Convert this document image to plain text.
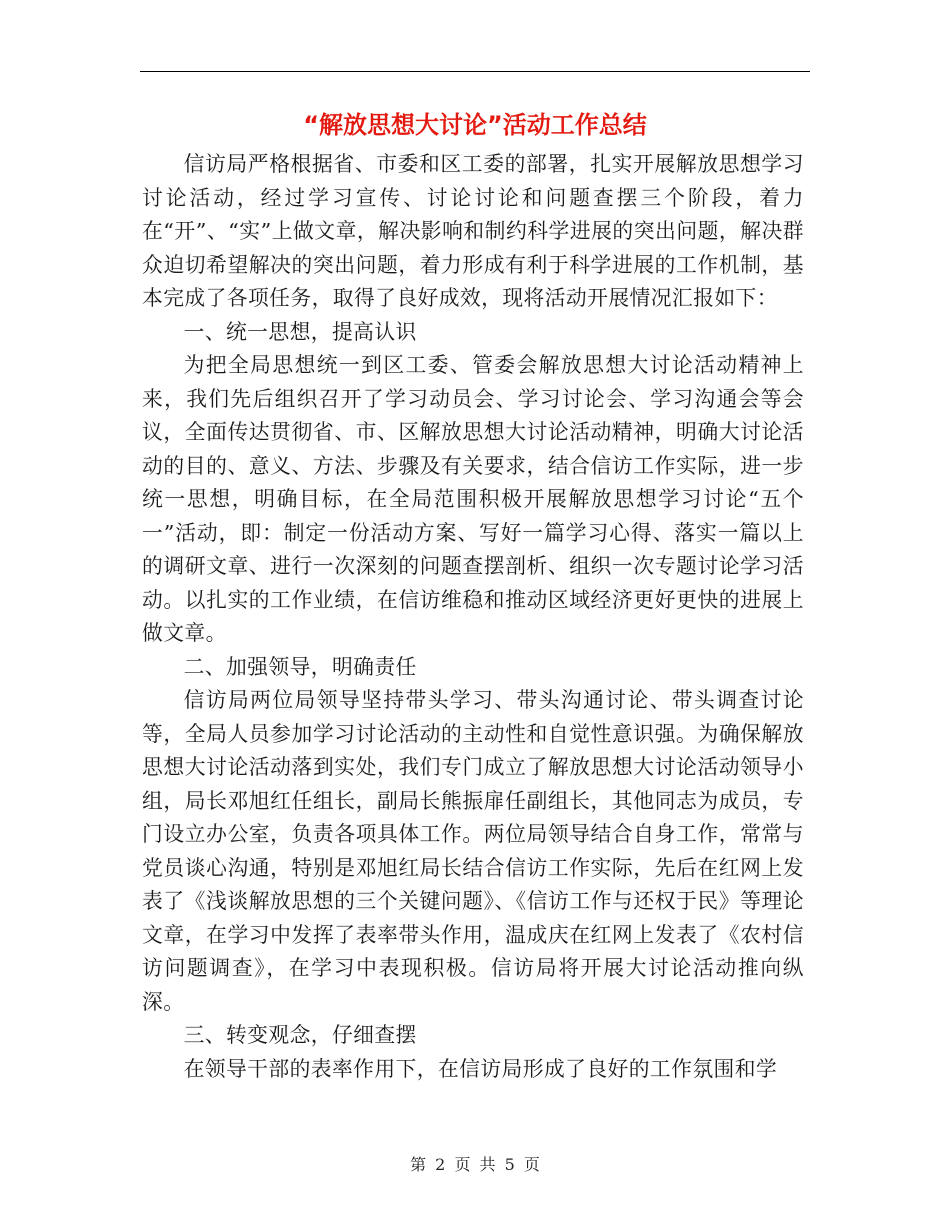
“解放思想大讨论”活动工作总结

信访局严格根据省、市委和区工委的部署，扎实开展解放思想学习讨论活动，经过学习宣传、讨论讨论和问题查摆三个阶段，着力在“开”、“实”上做文章，解决影响和制约科学进展的突出问题，解决群众迫切希望解决的突出问题，着力形成有利于科学进展的工作机制，基本完成了各项任务，取得了良好成效，现将活动开展情况汇报如下：

一、统一思想，提高认识

为把全局思想统一到区工委、管委会解放思想大讨论活动精神上来，我们先后组织召开了学习动员会、学习讨论会、学习沟通会等会议，全面传达贯彻省、市、区解放思想大讨论活动精神，明确大讨论活动的目的、意义、方法、步骤及有关要求，结合信访工作实际，进一步统一思想，明确目标，在全局范围积极开展解放思想学习讨论“五个一”活动，即：制定一份活动方案、写好一篇学习心得、落实一篇以上的调研文章、进行一次深刻的问题查摆剖析、组织一次专题讨论学习活动。以扎实的工作业绩，在信访维稳和推动区域经济更好更快的进展上做文章。

二、加强领导，明确责任

信访局两位局领导坚持带头学习、带头沟通讨论、带头调查讨论等，全局人员参加学习讨论活动的主动性和自觉性意识强。为确保解放思想大讨论活动落到实处，我们专门成立了解放思想大讨论活动领导小组，局长邓旭红任组长，副局长熊振扉任副组长，其他同志为成员，专门设立办公室，负责各项具体工作。两位局领导结合自身工作，常常与党员谈心沟通，特别是邓旭红局长结合信访工作实际，先后在红网上发表了《浅谈解放思想的三个关键问题》、《信访工作与还权于民》等理论文章，在学习中发挥了表率带头作用，温成庆在红网上发表了《农村信访问题调查》，在学习中表现积极。信访局将开展大讨论活动推向纵深。

三、转变观念，仔细查摆

在领导干部的表率作用下，在信访局形成了良好的工作氛围和学

第 2 页 共 5 页
